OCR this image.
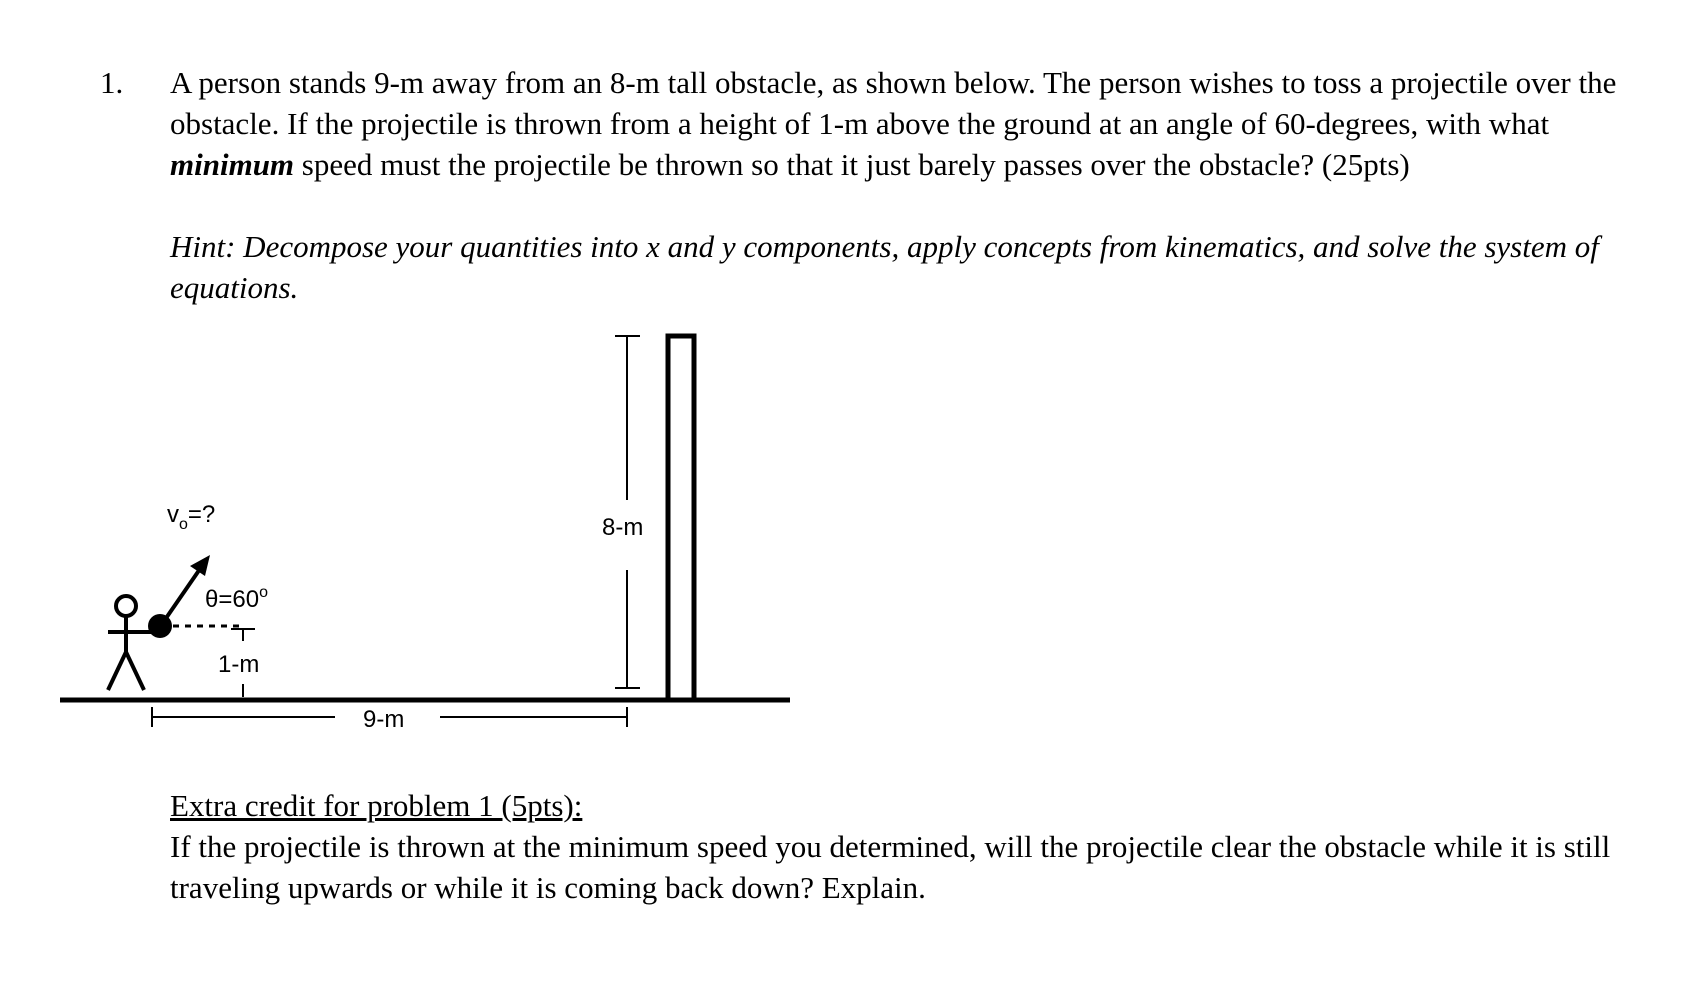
1. A person stands 9-m away from an 8-m tall obstacle, as shown below. The person wishes to toss a projectile over the obstacle. If the projectile is thrown from a height of 1-m above the ground at an angle of 60-degrees, with what minimum speed must the projectile be thrown so that it just barely passes over the obstacle? (25pts)
Hint: Decompose your quantities into x and y components, apply concepts from kinematics, and solve the system of equations.
$v_o=$?
$\theta=60^o$
1-m
9-m
8-m
Extra credit for problem 1 (5pts):
If the projectile is thrown at the minimum speed you determined, will the projectile clear the obstacle while it is still traveling upwards or while it is coming back down? Explain.
